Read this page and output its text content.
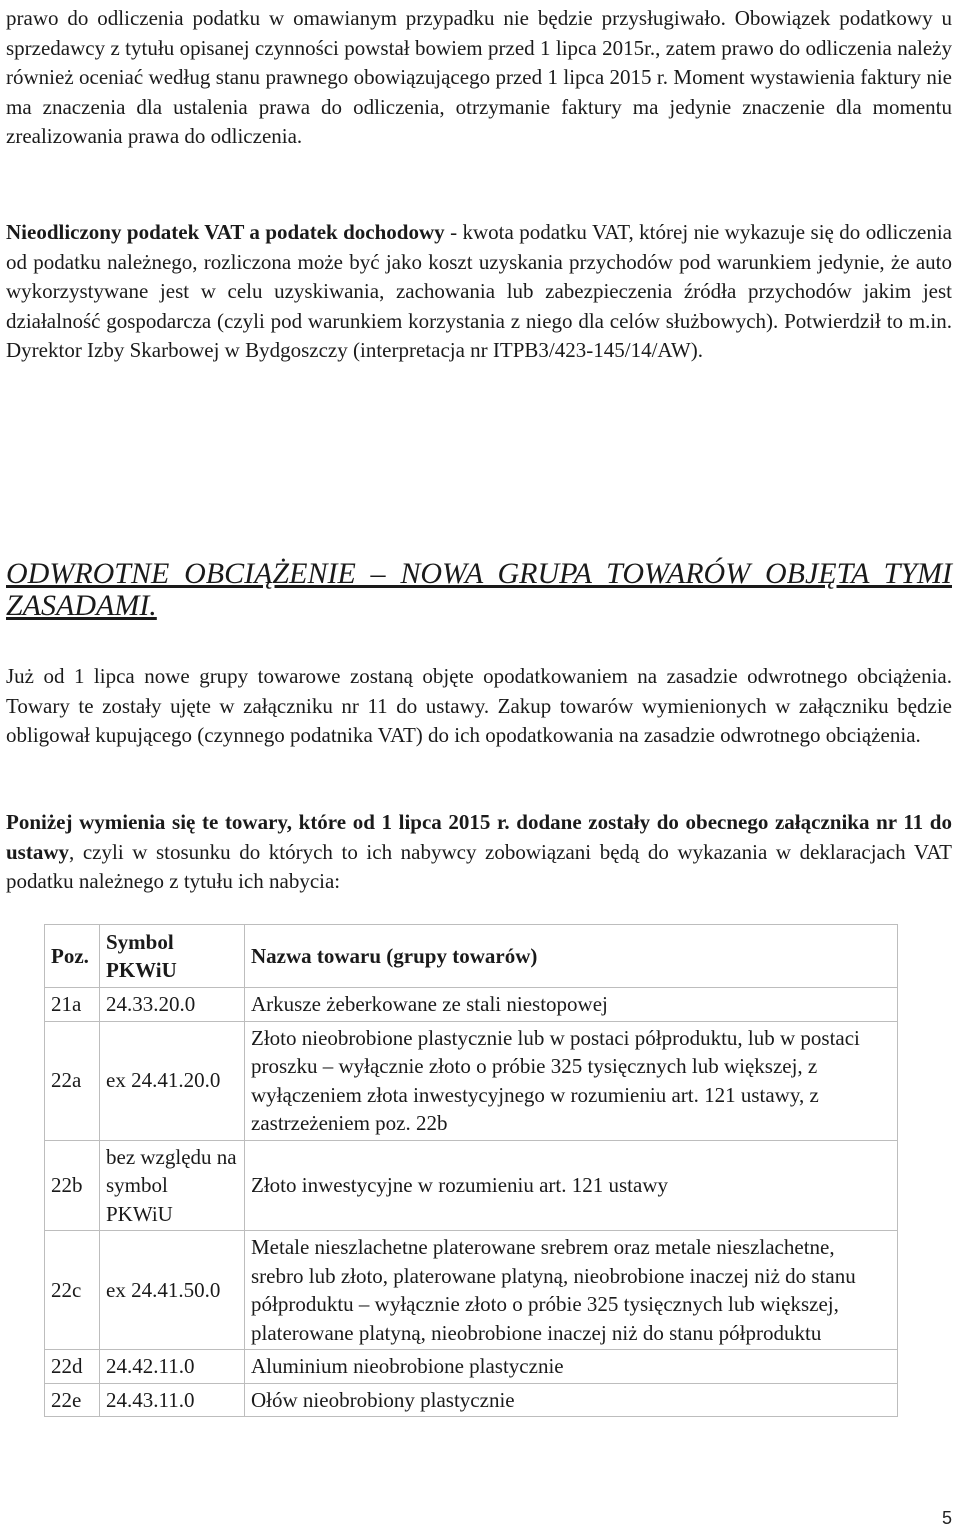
prawo do odliczenia podatku w omawianym przypadku nie będzie przysługiwało. Obowiązek podatkowy u sprzedawcy z tytułu opisanej czynności powstał bowiem przed 1 lipca 2015r., zatem prawo do odliczenia należy również oceniać według stanu prawnego obowiązującego przed 1 lipca 2015 r. Moment wystawienia faktury nie ma znaczenia dla ustalenia prawa do odliczenia, otrzymanie faktury ma jedynie znaczenie dla momentu zrealizowania prawa do odliczenia.

Nieodliczony podatek VAT a podatek dochodowy - kwota podatku VAT, której nie wykazuje się do odliczenia od podatku należnego, rozliczona może być jako koszt uzyskania przychodów pod warunkiem jedynie, że auto wykorzystywane jest w celu uzyskiwania, zachowania lub zabezpieczenia źródła przychodów jakim jest działalność gospodarcza (czyli pod warunkiem korzystania z niego dla celów służbowych). Potwierdził to m.in. Dyrektor Izby Skarbowej w Bydgoszczy (interpretacja nr ITPB3/423-145/14/AW).

ODWROTNE OBCIĄŻENIE – NOWA GRUPA TOWARÓW OBJĘTA TYMI ZASADAMI.

Już od 1 lipca nowe grupy towarowe zostaną objęte opodatkowaniem na zasadzie odwrotnego obciążenia. Towary te zostały ujęte w załączniku nr 11 do ustawy. Zakup towarów wymienionych w załączniku będzie obligował kupującego (czynnego podatnika VAT) do ich opodatkowania na zasadzie odwrotnego obciążenia.

Poniżej wymienia się te towary, które od 1 lipca 2015 r. dodane zostały do obecnego załącznika nr 11 do ustawy, czyli w stosunku do których to ich nabywcy zobowiązani będą do wykazania w deklaracjach VAT podatku należnego z tytułu ich nabycia:

Poz.	Symbol PKWiU	Nazwa towaru (grupy towarów)
21a	24.33.20.0	Arkusze żeberkowane ze stali niestopowej
22a	ex 24.41.20.0	Złoto nieobrobione plastycznie lub w postaci półproduktu, lub w postaci proszku – wyłącznie złoto o próbie 325 tysięcznych lub większej, z wyłączeniem złota inwestycyjnego w rozumieniu art. 121 ustawy, z zastrzeżeniem poz. 22b
22b	bez względu na symbol PKWiU	Złoto inwestycyjne w rozumieniu art. 121 ustawy
22c	ex 24.41.50.0	Metale nieszlachetne platerowane srebrem oraz metale nieszlachetne, srebro lub złoto, platerowane platyną, nieobrobione inaczej niż do stanu półproduktu – wyłącznie złoto o próbie 325 tysięcznych lub większej, platerowane platyną, nieobrobione inaczej niż do stanu półproduktu
22d	24.42.11.0	Aluminium nieobrobione plastycznie
22e	24.43.11.0	Ołów nieobrobiony plastycznie
5
